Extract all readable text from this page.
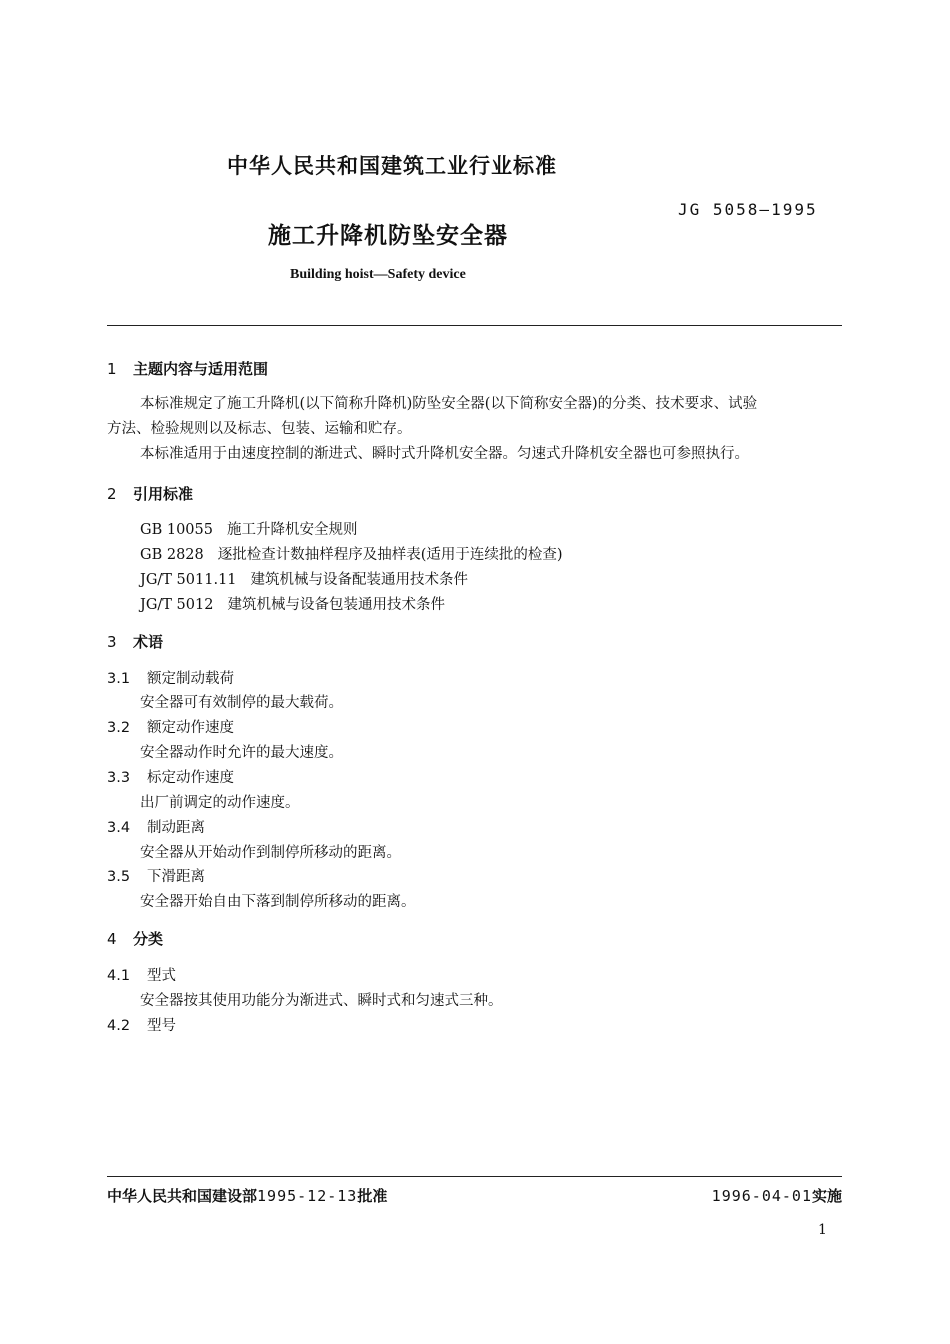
中华人民共和国建筑工业行业标准
JG 5058—1995
施工升降机防坠安全器
Building hoist—Safety device
1 主题内容与适用范围
本标准规定了施工升降机(以下简称升降机)防坠安全器(以下简称安全器)的分类、技术要求、试验
方法、检验规则以及标志、包装、运输和贮存。
本标准适用于由速度控制的渐进式、瞬时式升降机安全器。匀速式升降机安全器也可参照执行。
2 引用标准
GB 10055 施工升降机安全规则
GB 2828 逐批检查计数抽样程序及抽样表(适用于连续批的检查)
JG/T 5011.11 建筑机械与设备配装通用技术条件
JG/T 5012 建筑机械与设备包装通用技术条件
3 术语
3.1 额定制动载荷
安全器可有效制停的最大载荷。
3.2 额定动作速度
安全器动作时允许的最大速度。
3.3 标定动作速度
出厂前调定的动作速度。
3.4 制动距离
安全器从开始动作到制停所移动的距离。
3.5 下滑距离
安全器开始自由下落到制停所移动的距离。
4 分类
4.1 型式
安全器按其使用功能分为渐进式、瞬时式和匀速式三种。
4.2 型号
中华人民共和国建设部1995-12-13批准	1996-04-01实施
1
